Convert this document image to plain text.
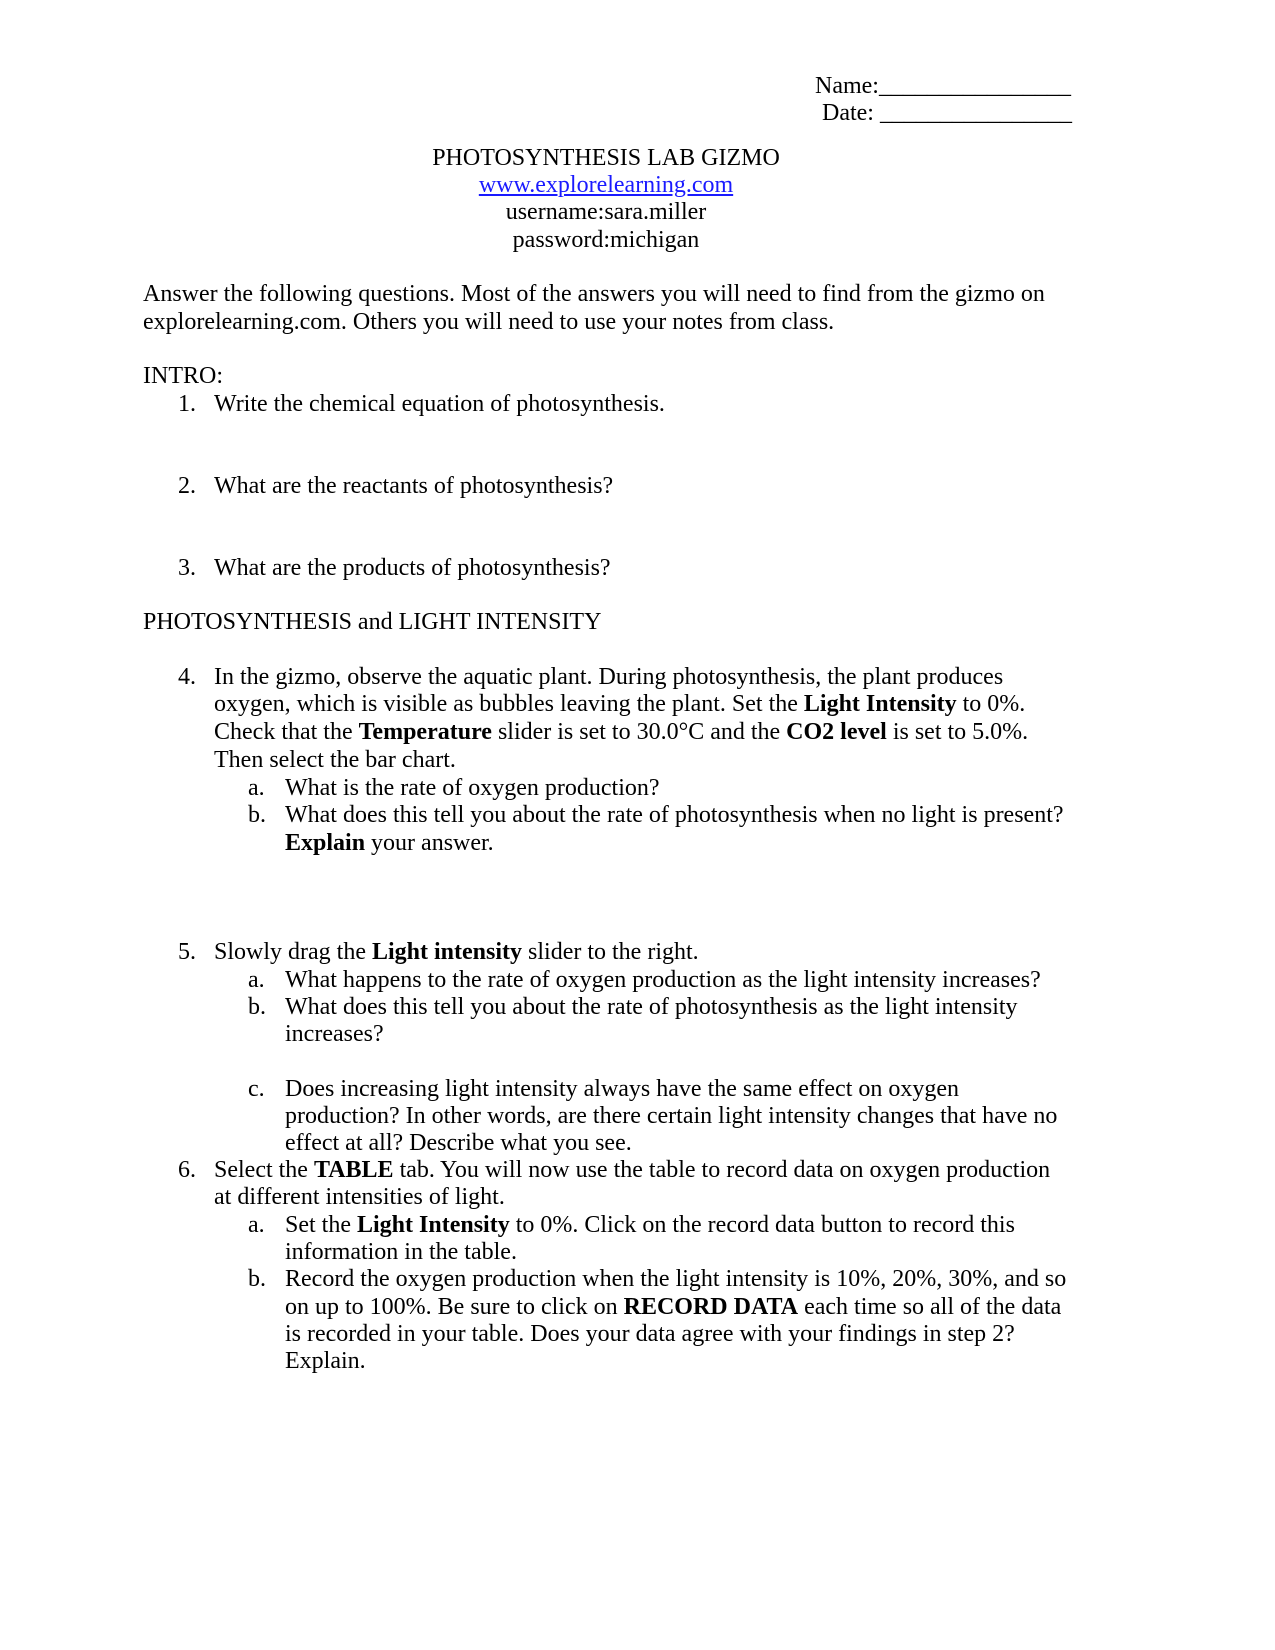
Name:________________
Date: ________________
PHOTOSYNTHESIS LAB GIZMO
www.explorelearning.com
username:sara.miller
password:michigan
Answer the following questions. Most of the answers you will need to find from the gizmo on
explorelearning.com. Others you will need to use your notes from class.
INTRO:
1. Write the chemical equation of photosynthesis.
2. What are the reactants of photosynthesis?
3. What are the products of photosynthesis?
PHOTOSYNTHESIS and LIGHT INTENSITY
4. In the gizmo, observe the aquatic plant. During photosynthesis, the plant produces
oxygen, which is visible as bubbles leaving the plant. Set the Light Intensity to 0%.
Check that the Temperature slider is set to 30.0°C and the CO2 level is set to 5.0%.
Then select the bar chart.
a. What is the rate of oxygen production?
b. What does this tell you about the rate of photosynthesis when no light is present?
Explain your answer.
5. Slowly drag the Light intensity slider to the right.
a. What happens to the rate of oxygen production as the light intensity increases?
b. What does this tell you about the rate of photosynthesis as the light intensity
increases?
c. Does increasing light intensity always have the same effect on oxygen
production? In other words, are there certain light intensity changes that have no
effect at all? Describe what you see.
6. Select the TABLE tab. You will now use the table to record data on oxygen production
at different intensities of light.
a. Set the Light Intensity to 0%. Click on the record data button to record this
information in the table.
b. Record the oxygen production when the light intensity is 10%, 20%, 30%, and so
on up to 100%. Be sure to click on RECORD DATA each time so all of the data
is recorded in your table. Does your data agree with your findings in step 2?
Explain.
